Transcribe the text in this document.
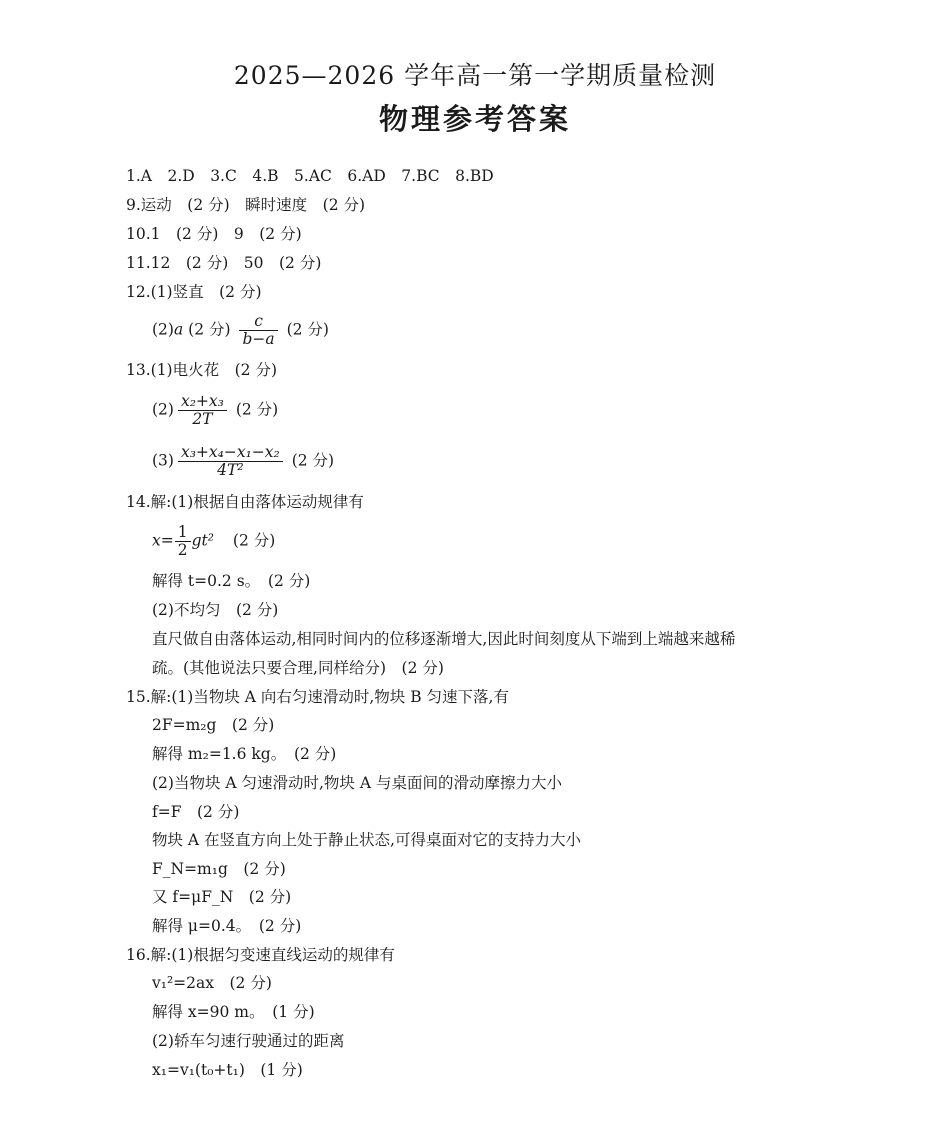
2025—2026 学年高一第一学期质量检测
物理参考答案
1.A　2.D　3.C　4.B　5.AC　6.AD　7.BC　8.BD
9.运动　(2 分)　瞬时速度　(2 分)
10.1　(2 分)　9　(2 分)
11.12　(2 分)　50　(2 分)
12.(1)竖直　(2 分)
(2)a (2 分) $\frac{c}{b-a} (2$ 分)
13.(1)电火花　(2 分)
$(2) \frac{\text{x₂+x₃}}{2T} (2$ 分)
$(3) \frac{\text{x₃+x₄−x₁−x₂}}{\text{4T²}} (2$ 分)
14.解:(1)根据自由落体运动规律有
$x= \frac{1}{2} gt^2$ (2 分)
解得 t=0.2 s。　(2 分)
(2)不均匀　(2 分)
直尺做自由落体运动,相同时间内的位移逐渐增大,因此时间刻度从下端到上端越来越稀
疏。(其他说法只要合理,同样给分)　(2 分)
15.解:(1)当物块 A 向右匀速滑动时,物块 B 匀速下落,有
2F=m₂g　(2 分)
解得 m₂=1.6 kg。　(2 分)
(2)当物块 A 匀速滑动时,物块 A 与桌面间的滑动摩擦力大小
f=F　(2 分)
物块 A 在竖直方向上处于静止状态,可得桌面对它的支持力大小
F_N=m₁g　(2 分)
又 f=μF_N　(2 分)
解得 μ=0.4。　(2 分)
16.解:(1)根据匀变速直线运动的规律有
v₁²=2ax　(2 分)
解得 x=90 m。　(1 分)
(2)轿车匀速行驶通过的距离
x₁=v₁(t₀+t₁)　(1 分)
